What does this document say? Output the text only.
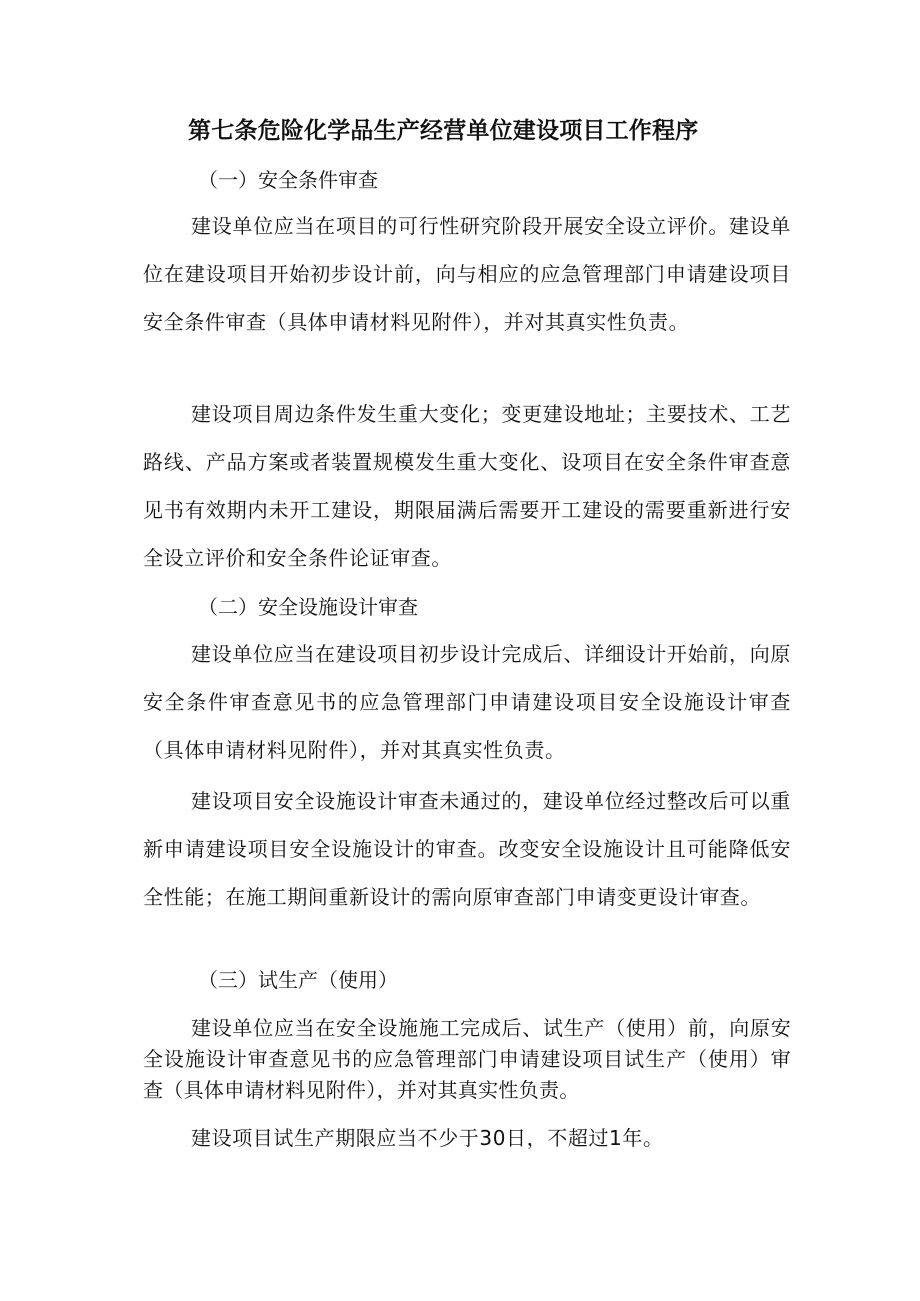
第七条危险化学品生产经营单位建设项目工作程序
（一）安全条件审查
建设单位应当在项目的可行性研究阶段开展安全设立评价。建设单位在建设项目开始初步设计前，向与相应的应急管理部门申请建设项目安全条件审查（具体申请材料见附件），并对其真实性负责。
建设项目周边条件发生重大变化；变更建设地址；主要技术、工艺路线、产品方案或者装置规模发生重大变化、设项目在安全条件审查意见书有效期内未开工建设，期限届满后需要开工建设的需要重新进行安全设立评价和安全条件论证审查。
（二）安全设施设计审查
建设单位应当在建设项目初步设计完成后、详细设计开始前，向原安全条件审查意见书的应急管理部门申请建设项目安全设施设计审查（具体申请材料见附件），并对其真实性负责。
建设项目安全设施设计审查未通过的，建设单位经过整改后可以重新申请建设项目安全设施设计的审查。改变安全设施设计且可能降低安全性能；在施工期间重新设计的需向原审查部门申请变更设计审查。
（三）试生产（使用）
建设单位应当在安全设施施工完成后、试生产（使用）前，向原安全设施设计审查意见书的应急管理部门申请建设项目试生产（使用）审查（具体申请材料见附件），并对其真实性负责。
建设项目试生产期限应当不少于30日，不超过1年。
